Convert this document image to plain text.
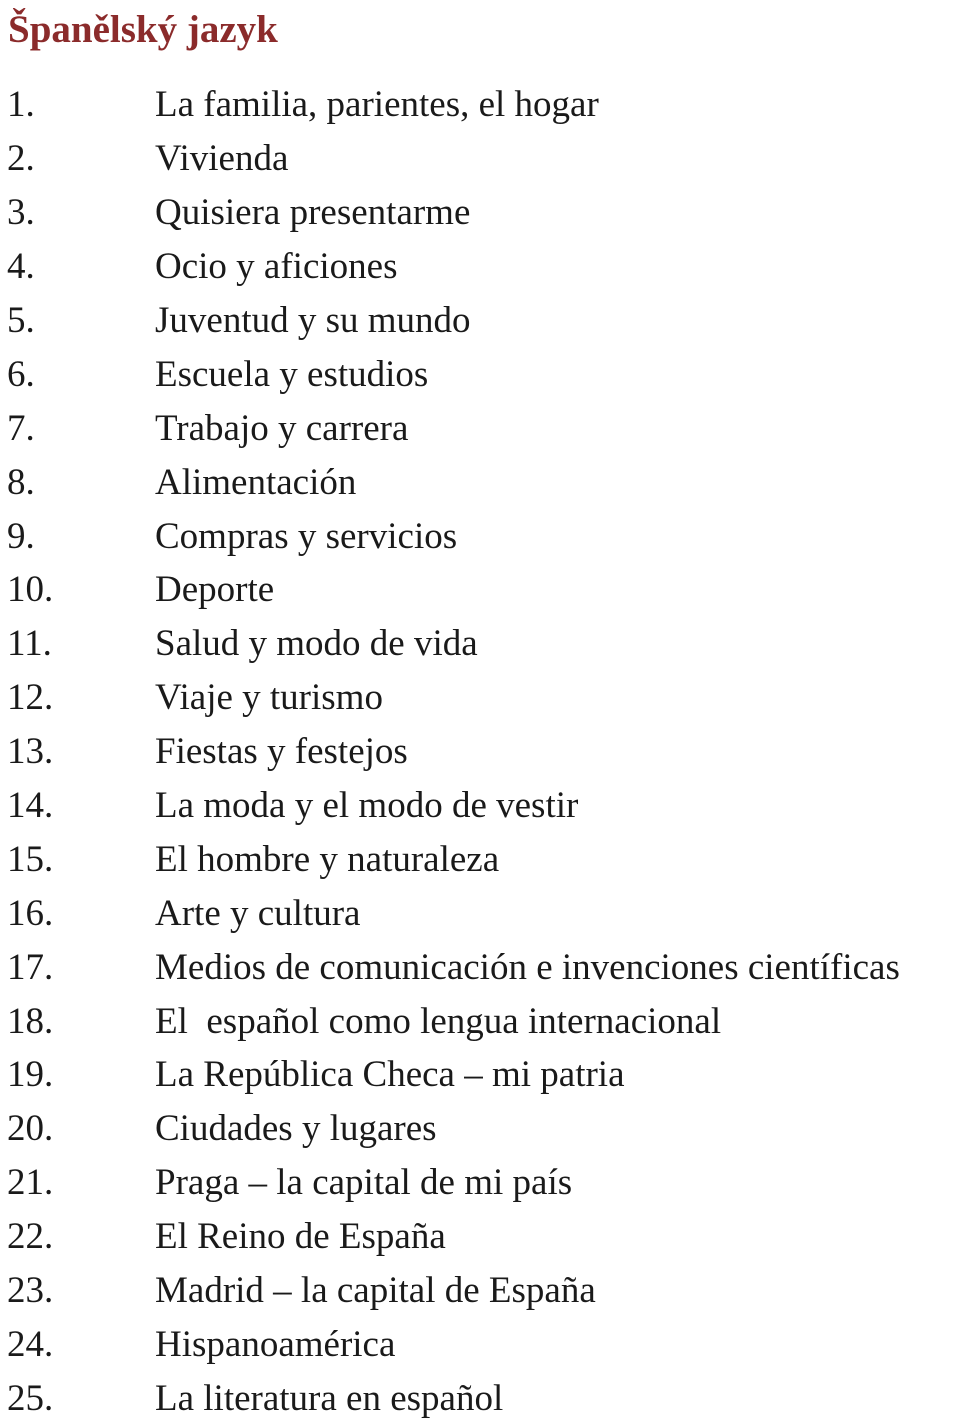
Španělský jazyk
1.	La familia, parientes, el hogar
2.	Vivienda
3.	Quisiera presentarme
4.	Ocio y aficiones
5.	Juventud y su mundo
6.	Escuela y estudios
7.	Trabajo y carrera
8.	Alimentación
9.	Compras y servicios
10.	Deporte
11.	Salud y modo de vida
12.	Viaje y turismo
13.	Fiestas y festejos
14.	La moda y el modo de vestir
15.	El hombre y naturaleza
16.	Arte y cultura
17.	Medios de comunicación e invenciones científicas
18.	El  español como lengua internacional
19.	La República Checa – mi patria
20.	Ciudades y lugares
21.	Praga – la capital de mi país
22.	El Reino de España
23.	Madrid – la capital de España
24.	Hispanoamérica
25.	La literatura en español
